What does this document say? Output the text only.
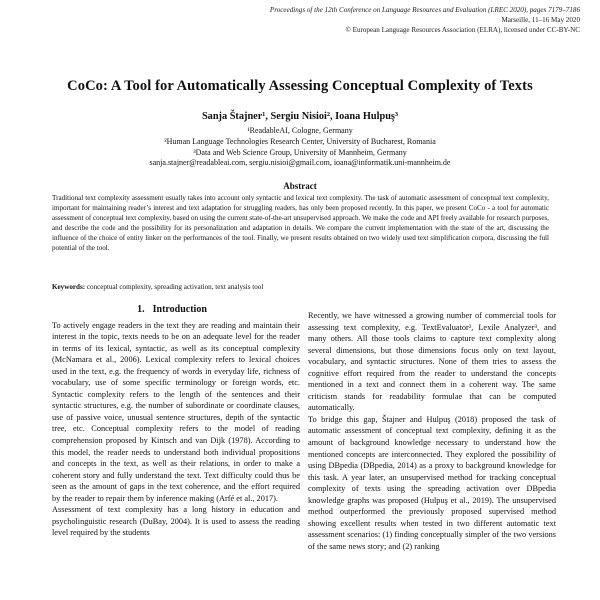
Proceedings of the 12th Conference on Language Resources and Evaluation (LREC 2020), pages 7179–7186
Marseille, 11–16 May 2020
© European Language Resources Association (ELRA), licensed under CC-BY-NC
CoCo: A Tool for Automatically Assessing Conceptual Complexity of Texts
Sanja Štajner¹, Sergiu Nisioi², Ioana Hulpuş³
¹ReadableAI, Cologne, Germany
²Human Language Technologies Research Center, University of Bucharest, Romania
³Data and Web Science Group, University of Mannheim, Germany
sanja.stajner@readableai.com, sergiu.nisioi@gmail.com, ioana@informatik.uni-mannheim.de
Abstract

Traditional text complexity assessment usually takes into account only syntactic and lexical text complexity. The task of automatic assessment of conceptual text complexity, important for maintaining reader’s interest and text adaptation for struggling readers, has only been proposed recently. In this paper, we present CoCo - a tool for automatic assessment of conceptual text complexity, based on using the current state-of-the-art unsupervised approach. We make the code and API freely available for research purposes, and describe the code and the possibility for its personalization and adaptation in details. We compare the current implementation with the state of the art, discussing the influence of the choice of entity linker on the performances of the tool. Finally, we present results obtained on two widely used text simplification corpora, discussing the full potential of the tool.

Keywords: conceptual complexity, spreading activation, text analysis tool

1. Introduction

To actively engage readers in the text they are reading and maintain their interest in the topic, texts needs to be on an adequate level for the reader in terms of its lexical, syntactic, as well as its conceptual complexity (McNamara et al., 2006). Lexical complexity refers to lexical choices used in the text, e.g. the frequency of words in everyday life, richness of vocabulary, use of some specific terminology or foreign words, etc. Syntactic complexity refers to the length of the sentences and their syntactic structures, e.g. the number of subordinate or coordinate clauses, use of passive voice, unusual sentence structures, depth of the syntactic tree, etc. Conceptual complexity refers to the model of reading comprehension proposed by Kintsch and van Dijk (1978). According to this model, the reader needs to understand both individual propositions and concepts in the text, as well as their relations, in order to make a coherent story and fully understand the text. Text difficulty could thus be seen as the amount of gaps in the text coherence, and the effort required by the reader to repair them by inference making (Arfé et al., 2017).

Assessment of text complexity has a long history in education and psycholinguistic research (DuBay, 2004). It is used to assess the reading level required by the students

Recently, we have witnessed a growing number of commercial tools for assessing text complexity, e.g. TextEvaluator², Lexile Analyzer³, and many others. All those tools claims to capture text complexity along several dimensions, but those dimensions focus only on text layout, vocabulary, and syntactic structures. None of them tries to assess the cognitive effort required from the reader to understand the concepts mentioned in a text and connect them in a coherent way. The same criticism stands for readability formulae that can be computed automatically.

To bridge this gap, Štajner and Hulpuş (2018) proposed the task of automatic assessment of conceptual text complexity, defining it as the amount of background knowledge necessary to understand how the mentioned concepts are interconnected. They explored the possibility of using DBpedia (DBpedia, 2014) as a proxy to background knowledge for this task. A year later, an unsupervised method for tracking conceptual complexity of texts using the spreading activation over DBpedia knowledge graphs was proposed (Hulpuş et al., 2019). The unsupervised method outperformed the previously proposed supervised method showing excellent results when tested in two different automatic text assessment scenarios: (1) finding conceptually simpler of the two versions of the same news story; and (2) ranking
